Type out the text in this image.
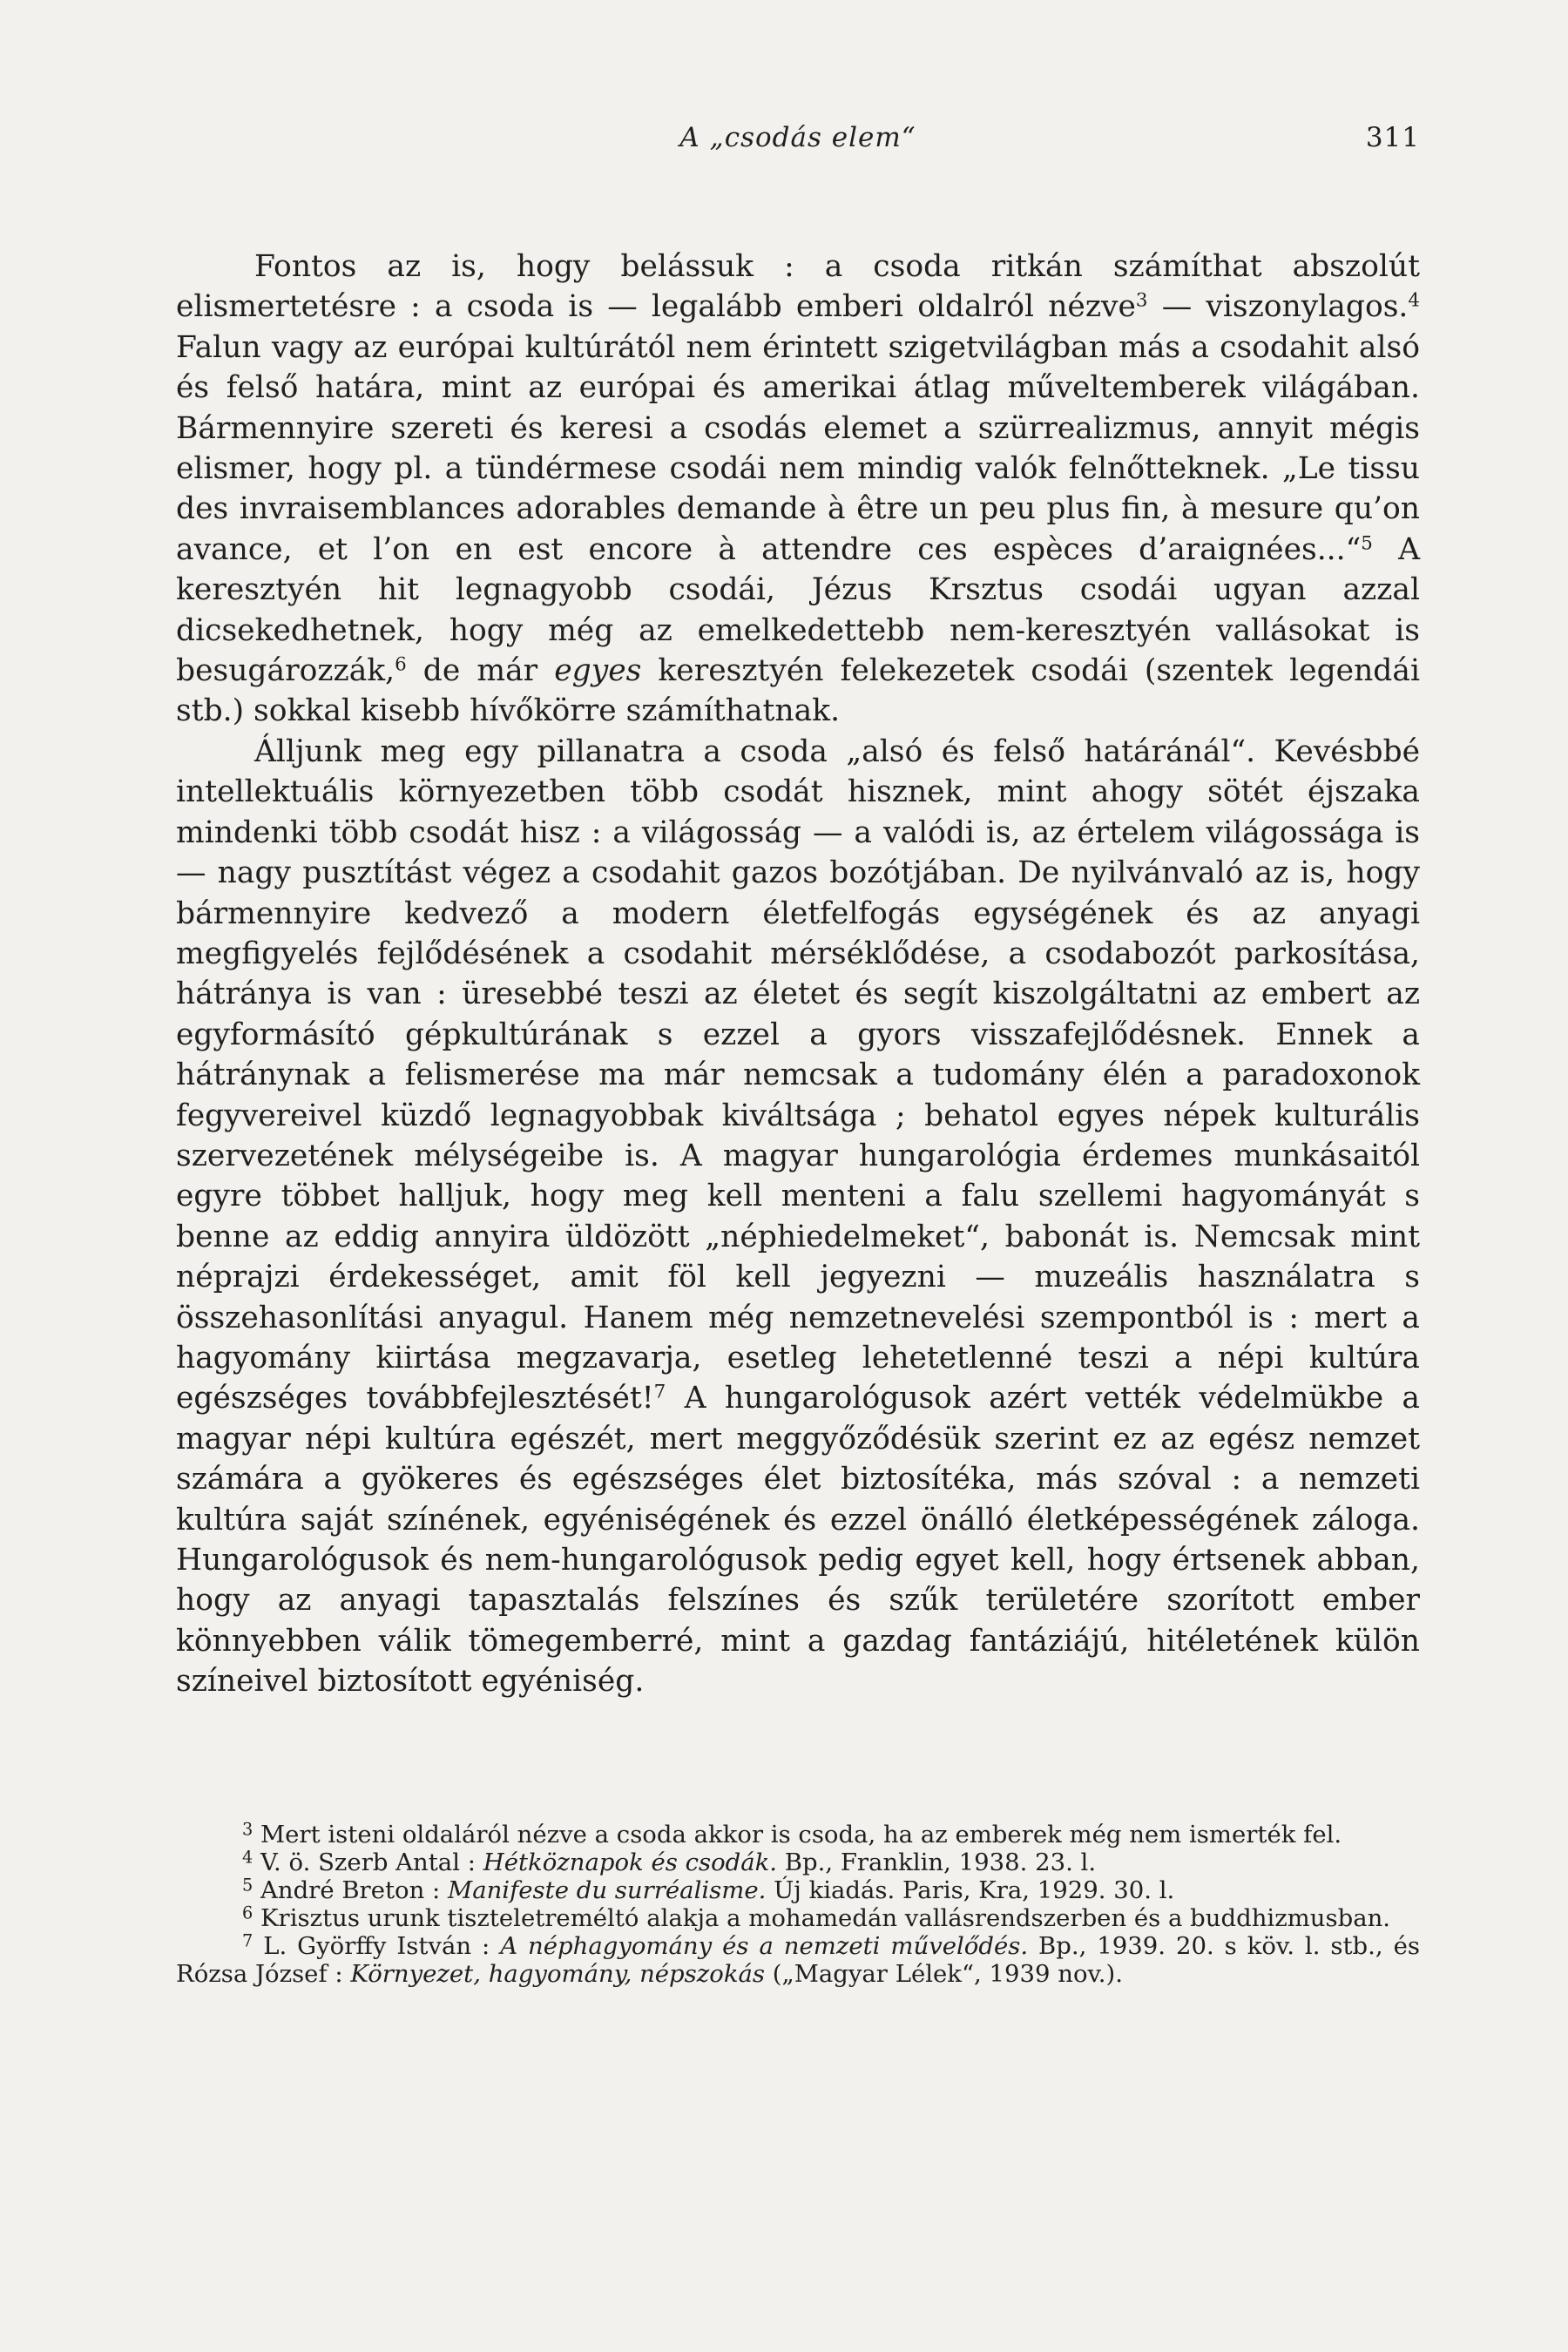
A „csodás elem“	311

Fontos az is, hogy belássuk : a csoda ritkán számíthat abszolút elismertetésre : a csoda is — legalább emberi oldalról nézve$^3$ — viszonylagos.$^4$ Falun vagy az európai kultúrától nem érintett szigetvilágban más a csodahit alsó és felső határa, mint az európai és amerikai átlag műveltemberek világában. Bármennyire szereti és keresi a csodás elemet a szürrealizmus, annyit mégis elismer, hogy pl. a tündérmese csodái nem mindig valók felnőtteknek. „Le tissu des invraisemblances adorables demande à être un peu plus fin, à mesure qu’on avance, et l’on en est encore à attendre ces espèces d’araignées...“$^5$ A keresztyén hit legnagyobb csodái, Jézus Krsztus csodái ugyan azzal dicsekedhetnek, hogy még az emelkedettebb nem-keresztyén vallásokat is besugározzák,$^6$ de már egyes keresztyén felekezetek csodái (szentek legendái stb.) sokkal kisebb hívőkörre számíthatnak.

Álljunk meg egy pillanatra a csoda „alsó és felső határánál“. Kevésbbé intellektuális környezetben több csodát hisznek, mint ahogy sötét éjszaka mindenki több csodát hisz : a világosság — a valódi is, az értelem világossága is — nagy pusztítást végez a csodahit gazos bozótjában. De nyilvánvaló az is, hogy bármennyire kedvező a modern életfelfogás egységének és az anyagi megfigyelés fejlődésének a csodahit mérséklődése, a csodabozót parkosítása, hátránya is van : üresebbé teszi az életet és segít kiszolgáltatni az embert az egyformásító gépkultúrának s ezzel a gyors visszafejlődésnek. Ennek a hátránynak a felismerése ma már nemcsak a tudomány élén a paradoxonok fegyvereivel küzdő legnagyobbak kiváltsága ; behatol egyes népek kulturális szervezetének mélységeibe is. A magyar hungarológia érdemes munkásaitól egyre többet halljuk, hogy meg kell menteni a falu szellemi hagyományát s benne az eddig annyira üldözött „néphiedelmeket“, babonát is. Nemcsak mint néprajzi érdekességet, amit föl kell jegyezni — muzeális használatra s összehasonlítási anyagul. Hanem még nemzetnevelési szempontból is : mert a hagyomány kiirtása megzavarja, esetleg lehetetlenné teszi a népi kultúra egészséges továbbfejlesztését!$^7$ A hungarológusok azért vették védelmükbe a magyar népi kultúra egészét, mert meggyőződésük szerint ez az egész nemzet számára a gyökeres és egészséges élet biztosítéka, más szóval : a nemzeti kultúra saját színének, egyéniségének és ezzel önálló életképességének záloga. Hungarológusok és nem-hungarológusok pedig egyet kell, hogy értsenek abban, hogy az anyagi tapasztalás felszínes és szűk területére szorított ember könnyebben válik tömegemberré, mint a gazdag fantáziájú, hitéletének külön színeivel biztosított egyéniség.

$^3$ Mert isteni oldaláról nézve a csoda akkor is csoda, ha az emberek még nem ismerték fel.

$^4$ V. ö. Szerb Antal : Hétköznapok és csodák. Bp., Franklin, 1938. 23. l.

$^5$ André Breton : Manifeste du surréalisme. Új kiadás. Paris, Kra, 1929. 30. l.

$^6$ Krisztus urunk tiszteletreméltó alakja a mohamedán vallásrendszerben és a buddhizmusban.

$^7$ L. Györffy István : A néphagyomány és a nemzeti művelődés. Bp., 1939. 20. s köv. l. stb., és Rózsa József : Környezet, hagyomány, népszokás („Magyar Lélek“, 1939 nov.).
